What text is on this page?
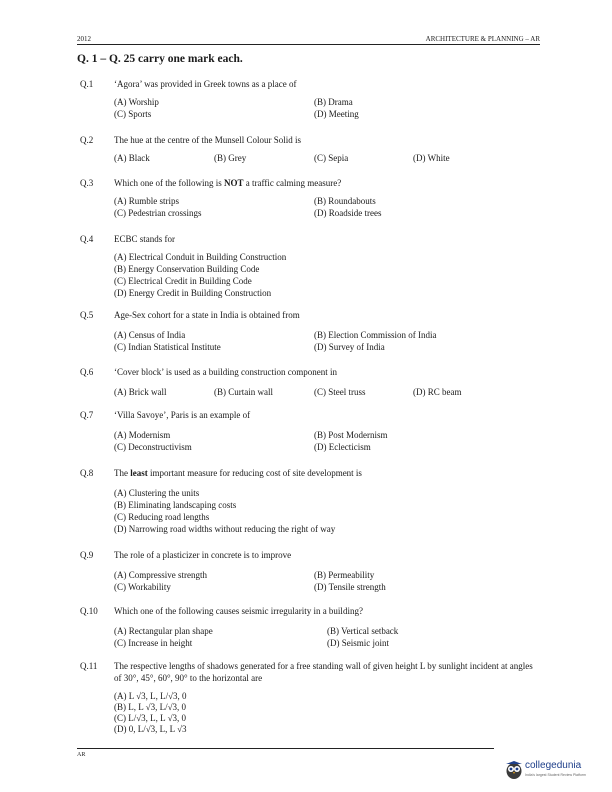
2012	ARCHITECTURE & PLANNING – AR
Q. 1 – Q. 25 carry one mark each.
Q.1 ‘Agora’ was provided in Greek towns as a place of
(A) Worship	(B) Drama
(C) Sports	(D) Meeting
Q.2 The hue at the centre of the Munsell Colour Solid is
(A) Black	(B) Grey	(C) Sepia	(D) White
Q.3 Which one of the following is NOT a traffic calming measure?
(A) Rumble strips	(B) Roundabouts
(C) Pedestrian crossings	(D) Roadside trees
Q.4 ECBC stands for
(A) Electrical Conduit in Building Construction
(B) Energy Conservation Building Code
(C) Electrical Credit in Building Code
(D) Energy Credit in Building Construction
Q.5 Age-Sex cohort for a state in India is obtained from
(A) Census of India	(B) Election Commission of India
(C) Indian Statistical Institute	(D) Survey of India
Q.6 ‘Cover block’ is used as a building construction component in
(A) Brick wall	(B) Curtain wall	(C) Steel truss	(D) RC beam
Q.7 ‘Villa Savoye’, Paris is an example of
(A) Modernism	(B) Post Modernism
(C) Deconstructivism	(D) Eclecticism
Q.8 The least important measure for reducing cost of site development is
(A) Clustering the units
(B) Eliminating landscaping costs
(C) Reducing road lengths
(D) Narrowing road widths without reducing the right of way
Q.9 The role of a plasticizer in concrete is to improve
(A) Compressive strength	(B) Permeability
(C) Workability	(D) Tensile strength
Q.10 Which one of the following causes seismic irregularity in a building?
(A) Rectangular plan shape	(B) Vertical setback
(C) Increase in height	(D) Seismic joint
Q.11 The respective lengths of shadows generated for a free standing wall of given height L by sunlight incident at angles of 30°, 45°, 60°, 90° to the horizontal are
(A) L √3, L, L/√3, 0
(B) L, L √3, L/√3, 0
(C) L/√3, L, L √3, 0
(D) 0, L/√3, L, L √3
AR
collegedunia
India's largest Student Review Platform
